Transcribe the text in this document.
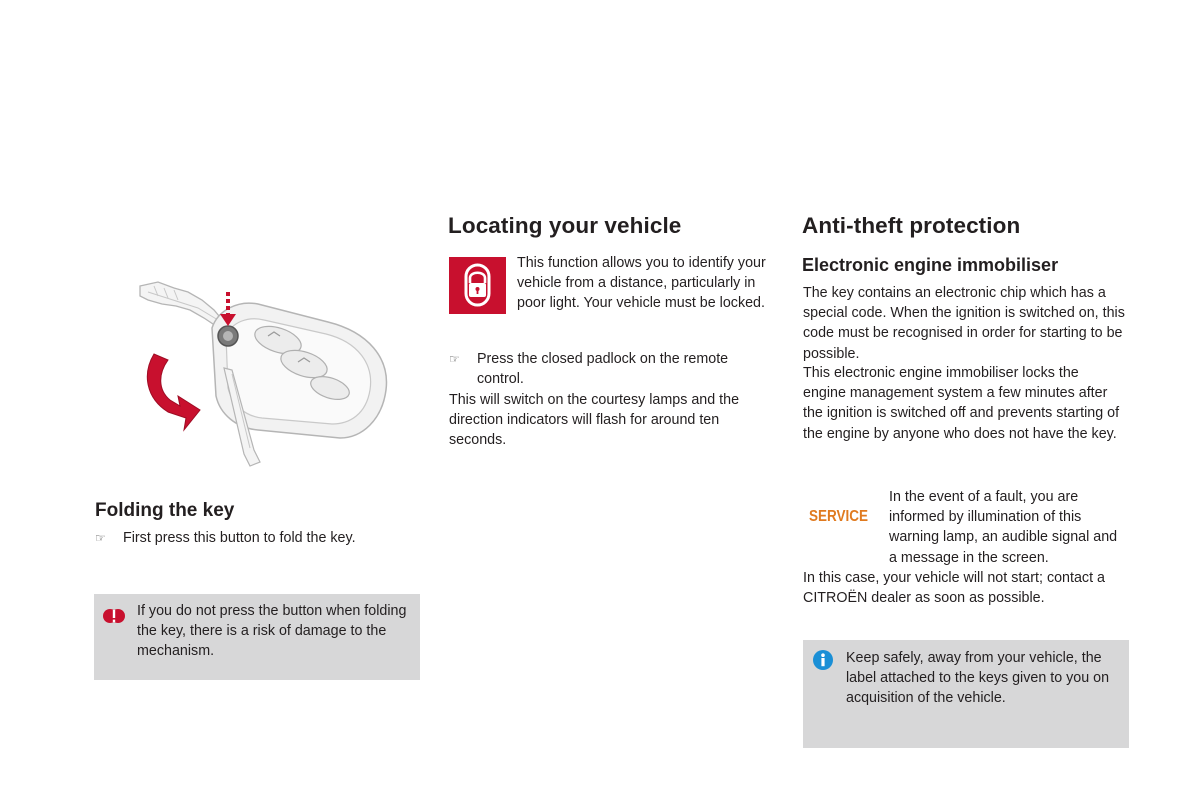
Folding the key
☞ First press this button to fold the key.
If you do not press the button when folding the key, there is a risk of damage to the mechanism.
Locating your vehicle
This function allows you to identify your vehicle from a distance, particularly in poor light. Your vehicle must be locked.
☞ Press the closed padlock on the remote control.
This will switch on the courtesy lamps and the direction indicators will flash for around ten seconds.
Anti-theft protection
Electronic engine immobiliser
The key contains an electronic chip which has a special code. When the ignition is switched on, this code must be recognised in order for starting to be possible.
This electronic engine immobiliser locks the engine management system a few minutes after the ignition is switched off and prevents starting of the engine by anyone who does not have the key.
SERVICE
In the event of a fault, you are informed by illumination of this warning lamp, an audible signal and a message in the screen.
In this case, your vehicle will not start; contact a CITROËN dealer as soon as possible.
Keep safely, away from your vehicle, the label attached to the keys given to you on acquisition of the vehicle.
